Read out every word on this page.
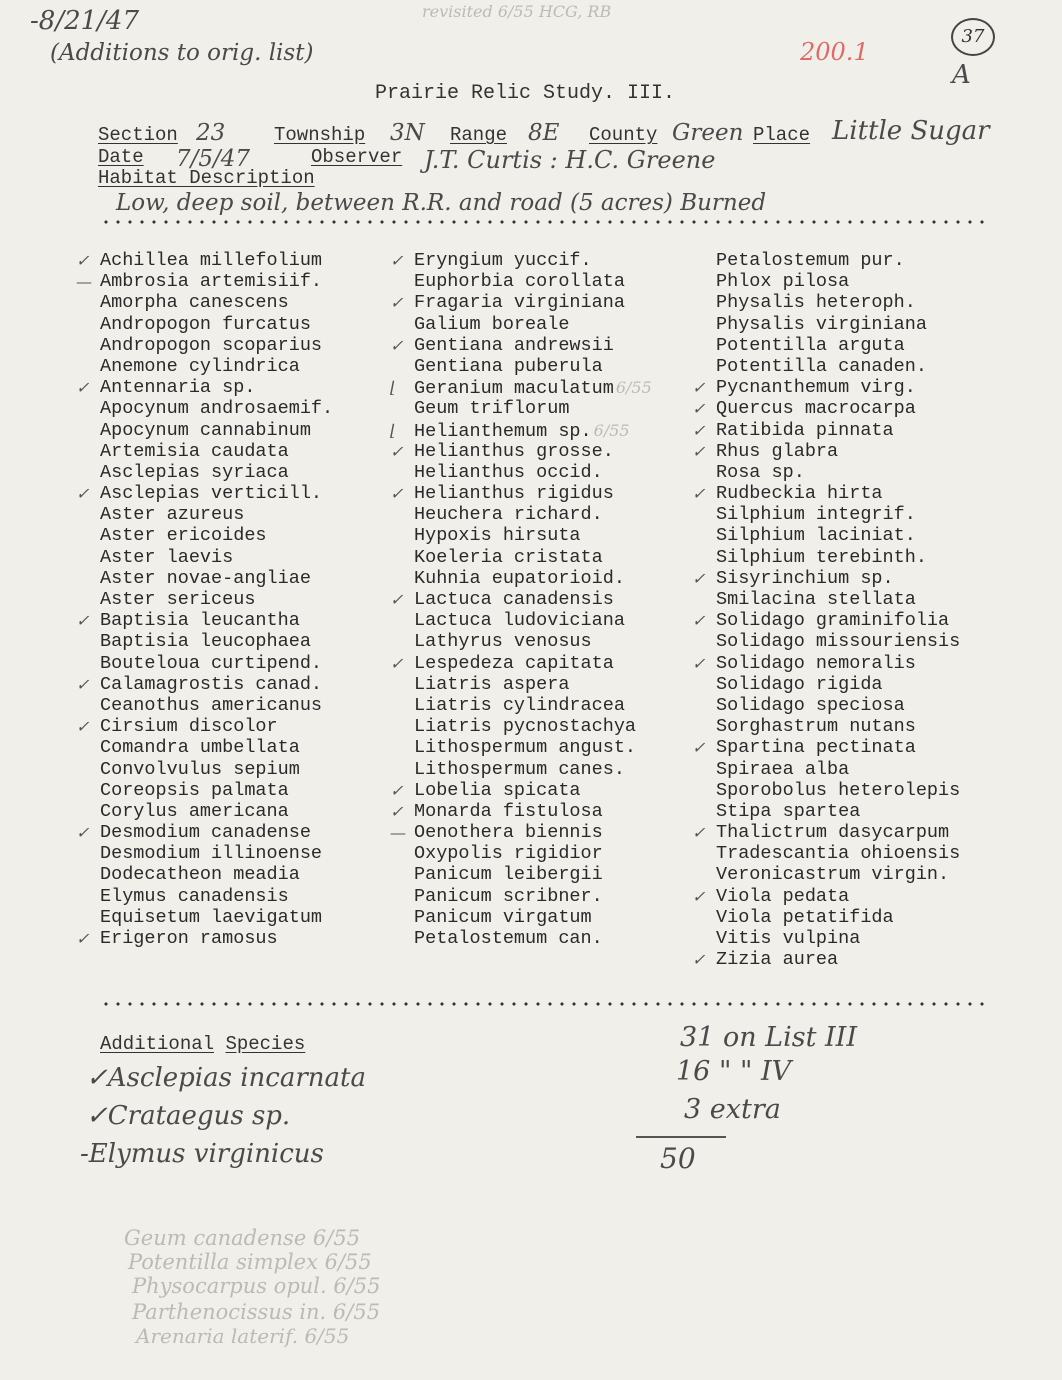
-8/21/47
(Additions to orig. list)
revisited 6/55 HCG, RB
200.1
37
A
Prairie Relic Study. III.
Section 23	Township 3N Range 8E County Green Place Little Sugar
Date 7/5/47	Observer J.T. Curtis : H.C. Greene
Habitat Description
Low, deep soil, between R.R. and road (5 acres) Burned
✓ Achillea millefolium
— Ambrosia artemisiif.
Amorpha canescens
Andropogon furcatus
Andropogon scoparius
Anemone cylindrica
✓ Antennaria sp.
Apocynum androsaemif.
Apocynum cannabinum
Artemisia caudata
Asclepias syriaca
✓ Asclepias verticill.
Aster azureus
Aster ericoides
Aster laevis
Aster novae-angliae
Aster sericeus
✓ Baptisia leucantha
Baptisia leucophaea
Bouteloua curtipend.
✓ Calamagrostis canad.
Ceanothus americanus
✓ Cirsium discolor
Comandra umbellata
Convolvulus sepium
Coreopsis palmata
Corylus americana
✓ Desmodium canadense
Desmodium illinoense
Dodecatheon meadia
Elymus canadensis
Equisetum laevigatum
✓ Erigeron ramosus
✓ Eryngium yuccif.
Euphorbia corollata
✓ Fragaria virginiana
Galium boreale
✓ Gentiana andrewsii
Gentiana puberula
⌊ Geranium maculatum 6/55
Geum triflorum
⌊ Helianthemum sp. 6/55
✓ Helianthus grosse.
Helianthus occid.
✓ Helianthus rigidus
Heuchera richard.
Hypoxis hirsuta
Koeleria cristata
Kuhnia eupatorioid.
✓ Lactuca canadensis
Lactuca ludoviciana
Lathyrus venosus
✓ Lespedeza capitata
Liatris aspera
Liatris cylindracea
Liatris pycnostachya
Lithospermum angust.
Lithospermum canes.
✓ Lobelia spicata
✓ Monarda fistulosa
— Oenothera biennis
Oxypolis rigidior
Panicum leibergii
Panicum scribner.
Panicum virgatum
Petalostemum can.
Petalostemum pur.
Phlox pilosa
Physalis heteroph.
Physalis virginiana
Potentilla arguta
Potentilla canaden.
✓ Pycnanthemum virg.
✓ Quercus macrocarpa
✓ Ratibida pinnata
✓ Rhus glabra
Rosa sp.
✓ Rudbeckia hirta
Silphium integrif.
Silphium laciniat.
Silphium terebinth.
✓ Sisyrinchium sp.
Smilacina stellata
✓ Solidago graminifolia
Solidago missouriensis
✓ Solidago nemoralis
Solidago rigida
Solidago speciosa
Sorghastrum nutans
✓ Spartina pectinata
Spiraea alba
Sporobolus heterolepis
Stipa spartea
✓ Thalictrum dasycarpum
Tradescantia ohioensis
Veronicastrum virgin.
✓ Viola pedata
Viola petatifida
Vitis vulpina
✓ Zizia aurea
Additional Species
✓Asclepias incarnata
✓Crataegus sp.
-Elymus virginicus
31 on List III
16 " " IV
3 extra
50
Geum canadense 6/55
Potentilla simplex 6/55
Physocarpus opul. 6/55
Parthenocissus in. 6/55
Arenaria laterif. 6/55
